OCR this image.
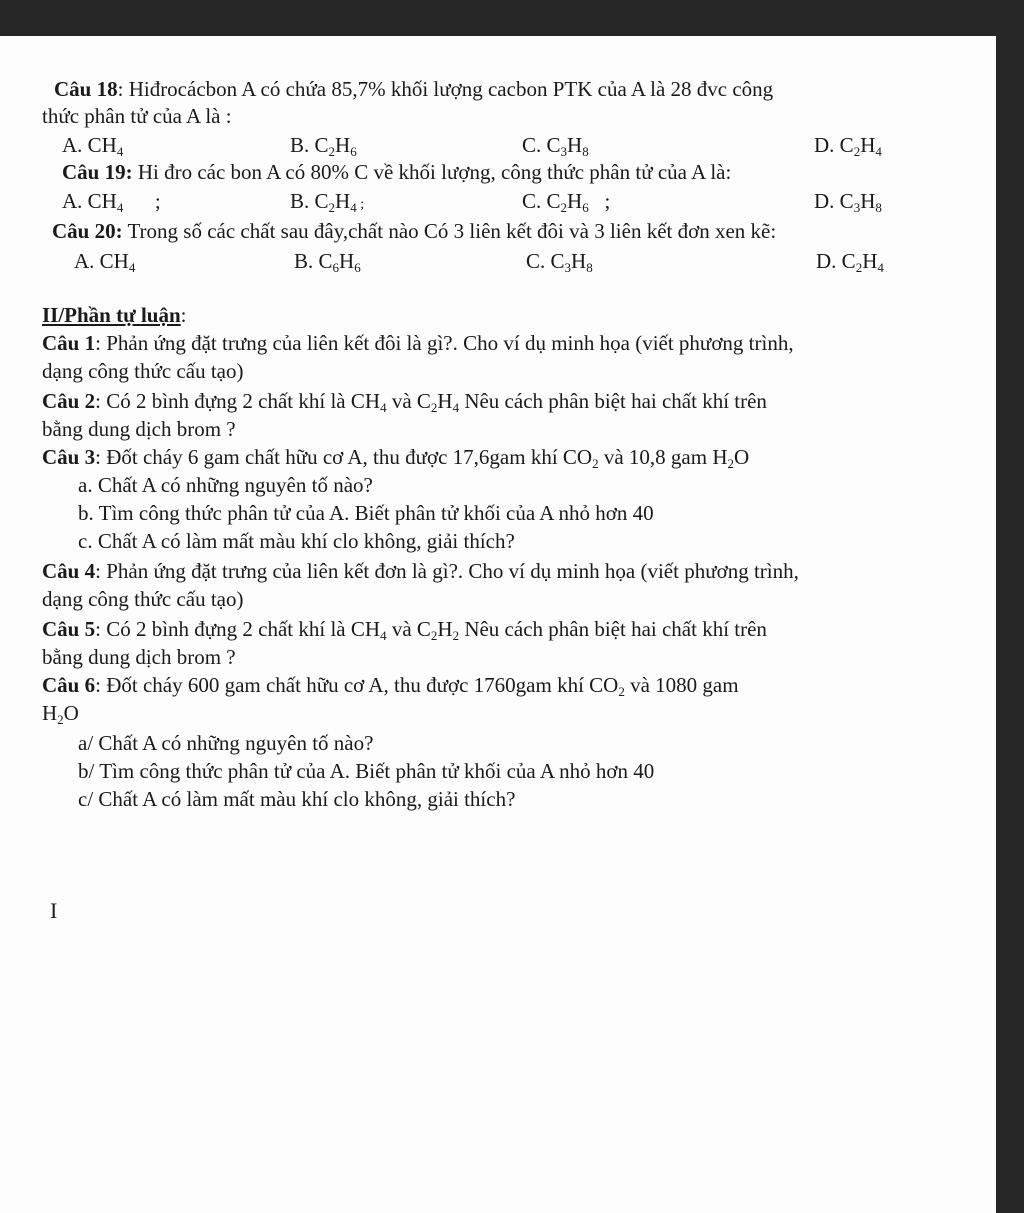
Câu 18: Hiđrocácbon A có chứa 85,7% khối lượng cacbon PTK của A là 28 đvc công
thức phân tử của A là :
A. $CH_4$	B. $C_2H_6$	C. $C_3H_8$	D. $C_2H_4$
Câu 19: Hi đro các bon A có 80% C về khối lượng, công thức phân tử của A là:
A. $CH_4$      ;	B. $C_2H_4$ ;	C. $C_2H_6$   ;	D. $C_3H_8$
Câu 20: Trong số các chất sau đây,chất nào Có 3 liên kết đôi và 3 liên kết đơn xen kẽ:
A. $CH_4$	B. $C_6H_6$	C. $C_3H_8$	D. $C_2H_4$
II/Phần tự luận:
Câu 1: Phản ứng đặt trưng của liên kết đôi là gì?. Cho ví dụ minh họa (viết phương trình,
dạng công thức cấu tạo)
Câu 2: Có 2 bình đựng 2 chất khí là $CH_4$ và $C_2H_4$ Nêu cách phân biệt hai chất khí trên
bằng dung dịch brom ?
Câu 3: Đốt cháy 6 gam chất hữu cơ A, thu được 17,6gam khí $CO_2$ và 10,8 gam $H_2O$
a. Chất A có những nguyên tố nào?
b. Tìm công thức phân tử của A. Biết phân tử khối của A nhỏ hơn 40
c. Chất A có làm mất màu khí clo không, giải thích?
Câu 4: Phản ứng đặt trưng của liên kết đơn là gì?. Cho ví dụ minh họa (viết phương trình,
dạng công thức cấu tạo)
Câu 5: Có 2 bình đựng 2 chất khí là $CH_4$ và $C_2H_2$ Nêu cách phân biệt hai chất khí trên
bằng dung dịch brom ?
Câu 6: Đốt cháy 600 gam chất hữu cơ A, thu được 1760gam khí $CO_2$ và 1080 gam
$H_2O$
a/ Chất A có những nguyên tố nào?
b/ Tìm công thức phân tử của A. Biết phân tử khối của A nhỏ hơn 40
c/ Chất A có làm mất màu khí clo không, giải thích?
I
